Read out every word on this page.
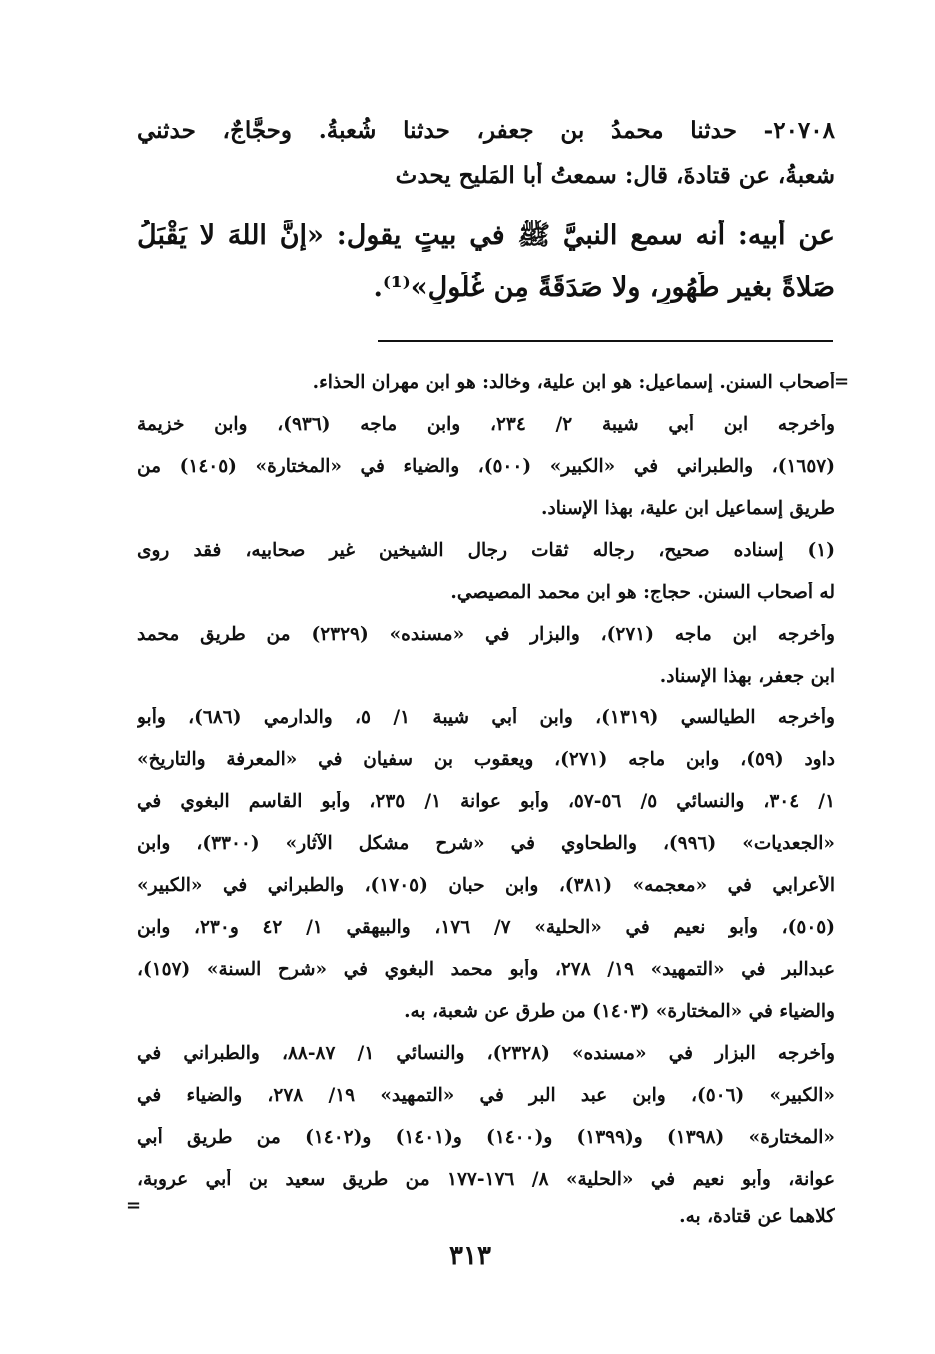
٢٠٧٠٨- حدثنا محمدُ بن جعفر، حدثنا شُعبةُ. وحجَّاجٌ، حدثني
شعبةُ، عن قتادةَ، قال: سمعتُ أبا المَليح يحدث
عن أبيه: أنه سمع النبيَّ ﷺ في بيتٍ يقول: «إنَّ اللهَ لا يَقْبَلُ
صَلاةً بغير طُهُورٍ، ولا صَدَقَةً مِن غُلُولٍ»⁽¹⁾.
=
أصحاب السنن. إسماعيل: هو ابن علية، وخالد: هو ابن مهران الحذاء.
وأخرجه ابن أبي شيبة ٢/ ٢٣٤، وابن ماجه (٩٣٦)، وابن خزيمة
(١٦٥٧)، والطبراني في «الكبير» (٥٠٠)، والضياء في «المختارة» (١٤٠٥) من
طريق إسماعيل ابن علية، بهذا الإسناد.
(١) إسناده صحيح، رجاله ثقات رجال الشيخين غير صحابيه، فقد روى
له أصحاب السنن. حجاج: هو ابن محمد المصيصي.
وأخرجه ابن ماجه (٢٧١)، والبزار في «مسنده» (٢٣٢٩) من طريق محمد
ابن جعفر، بهذا الإسناد.
وأخرجه الطيالسي (١٣١٩)، وابن أبي شيبة ١/ ٥، والدارمي (٦٨٦)، وأبو
داود (٥٩)، وابن ماجه (٢٧١)، ويعقوب بن سفيان في «المعرفة والتاريخ»
١/ ٣٠٤، والنسائي ٥/ ٥٦-٥٧، وأبو عوانة ١/ ٢٣٥، وأبو القاسم البغوي في
«الجعديات» (٩٩٦)، والطحاوي في «شرح مشكل الآثار» (٣٣٠٠)، وابن
الأعرابي في «معجمه» (٣٨١)، وابن حبان (١٧٠٥)، والطبراني في «الكبير»
(٥٠٥)، وأبو نعيم في «الحلية» ٧/ ١٧٦، والبيهقي ١/ ٤٢ و٢٣٠، وابن
عبدالبر في «التمهيد» ١٩/ ٢٧٨، وأبو محمد البغوي في «شرح السنة» (١٥٧)،
والضياء في «المختارة» (١٤٠٣) من طرق عن شعبة، به.
وأخرجه البزار في «مسنده» (٢٣٢٨)، والنسائي ١/ ٨٧-٨٨، والطبراني في
«الكبير» (٥٠٦)، وابن عبد البر في «التمهيد» ١٩/ ٢٧٨، والضياء في
«المختارة» (١٣٩٨) و(١٣٩٩) و(١٤٠٠) و(١٤٠١) و(١٤٠٢) من طريق أبي
عوانة، وأبو نعيم في «الحلية» ٨/ ١٧٦-١٧٧ من طريق سعيد بن أبي عروبة،
كلاهما عن قتادة، به.
=
٣١٣
